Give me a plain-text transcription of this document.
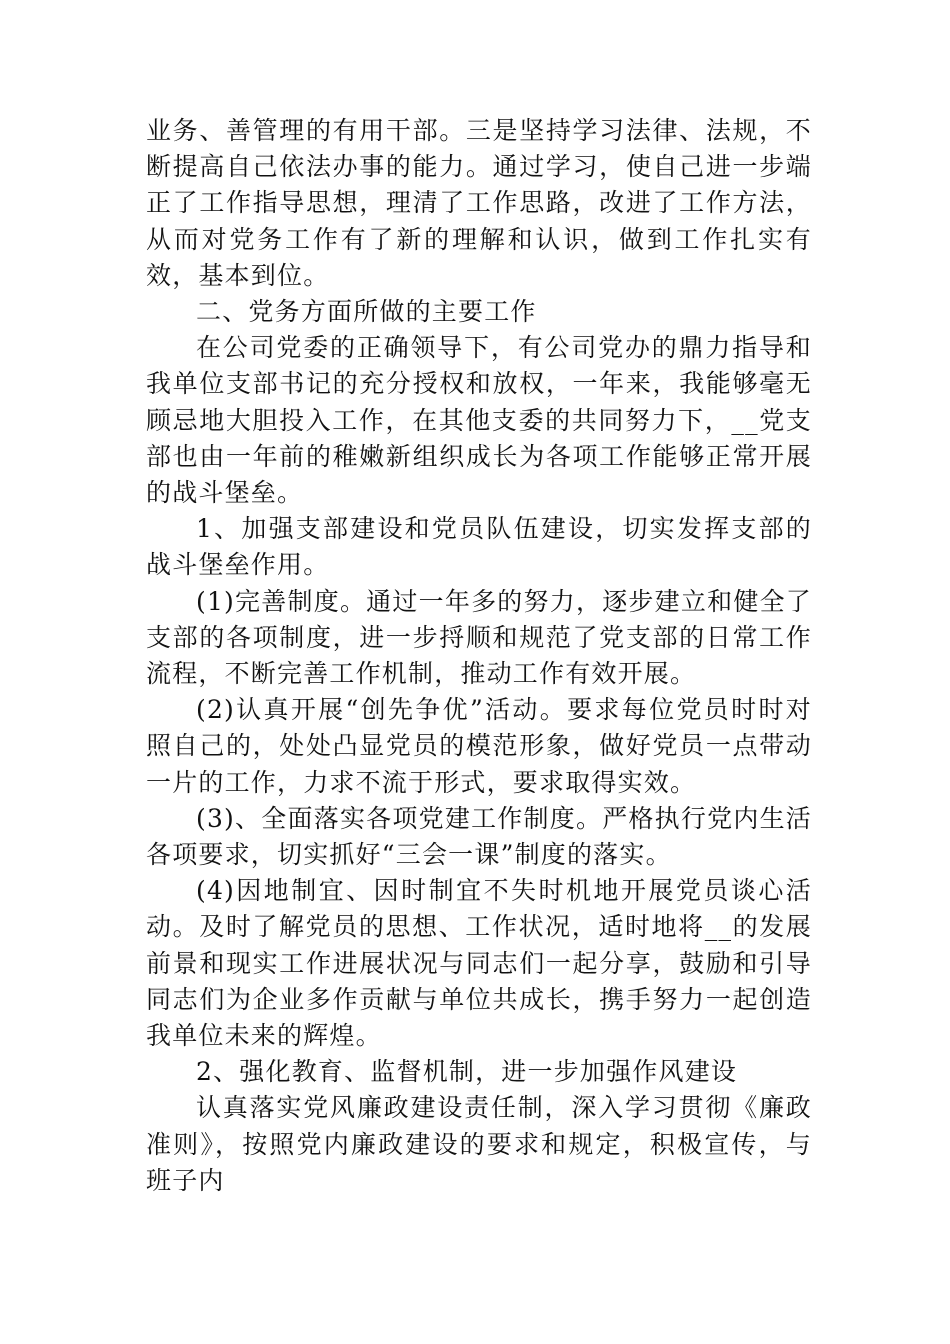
业务、善管理的有用干部。三是坚持学习法律、法规，不断提高自己依法办事的能力。通过学习，使自己进一步端正了工作指导思想，理清了工作思路，改进了工作方法，从而对党务工作有了新的理解和认识，做到工作扎实有效，基本到位。

二、党务方面所做的主要工作

在公司党委的正确领导下，有公司党办的鼎力指导和我单位支部书记的充分授权和放权，一年来，我能够毫无顾忌地大胆投入工作，在其他支委的共同努力下，__党支部也由一年前的稚嫩新组织成长为各项工作能够正常开展的战斗堡垒。

1、加强支部建设和党员队伍建设，切实发挥支部的战斗堡垒作用。

(1)完善制度。通过一年多的努力，逐步建立和健全了支部的各项制度，进一步捋顺和规范了党支部的日常工作流程，不断完善工作机制，推动工作有效开展。

(2)认真开展“创先争优”活动。要求每位党员时时对照自己的，处处凸显党员的模范形象，做好党员一点带动一片的工作，力求不流于形式，要求取得实效。

(3)、全面落实各项党建工作制度。严格执行党内生活各项要求，切实抓好“三会一课”制度的落实。

(4)因地制宜、因时制宜不失时机地开展党员谈心活动。及时了解党员的思想、工作状况，适时地将__的发展前景和现实工作进展状况与同志们一起分享，鼓励和引导同志们为企业多作贡献与单位共成长，携手努力一起创造我单位未来的辉煌。

2、强化教育、监督机制，进一步加强作风建设

认真落实党风廉政建设责任制，深入学习贯彻《廉政准则》，按照党内廉政建设的要求和规定，积极宣传，与班子内
